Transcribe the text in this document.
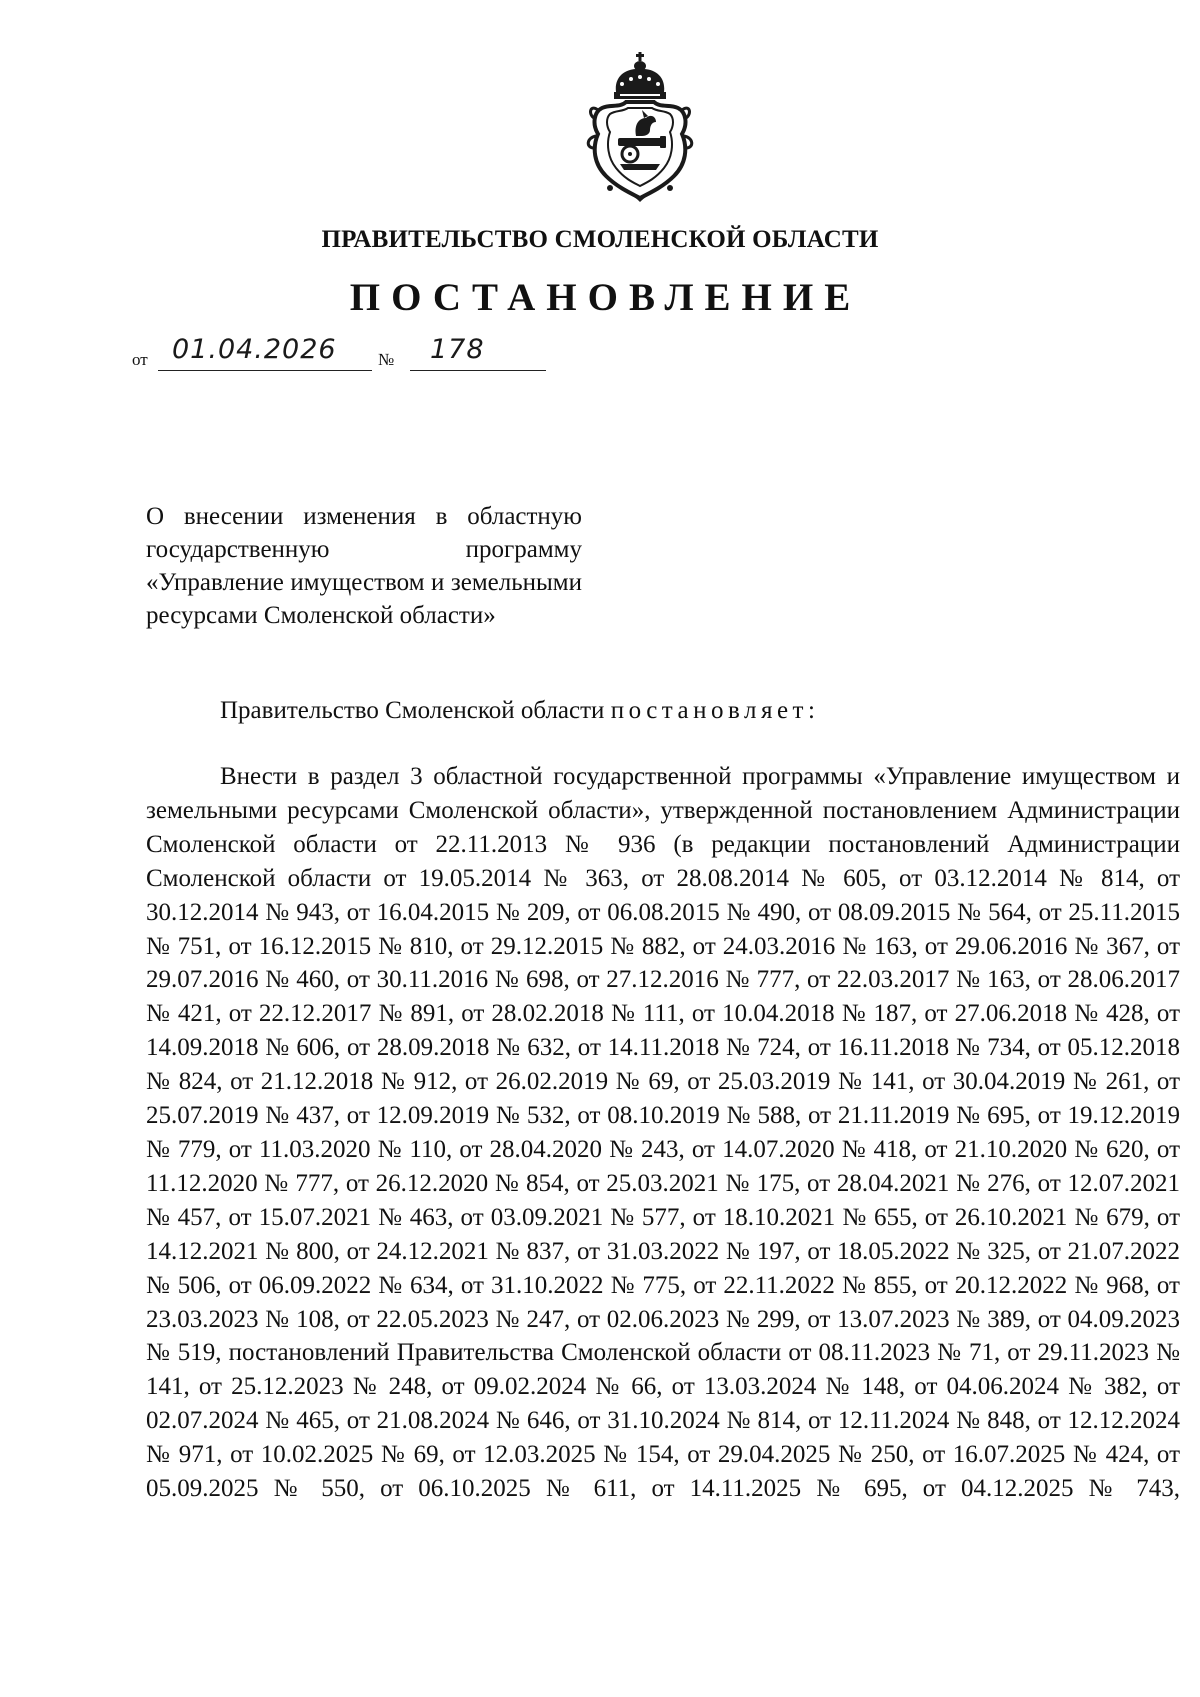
ПРАВИТЕЛЬСТВО СМОЛЕНСКОЙ ОБЛАСТИ
ПОСТАНОВЛЕНИЕ
от 01.04.2026 № 178
О внесении изменения в областную государственную программу «Управление имуществом и земельными
ресурсами Смоленской области»
Правительство Смоленской области постановляет:
Внести в раздел 3 областной государственной программы «Управление имуществом и земельными ресурсами Смоленской области», утвержденной постановлением Администрации Смоленской области от 22.11.2013 № 936 (в редакции постановлений Администрации Смоленской области от 19.05.2014 № 363, от 28.08.2014 № 605, от 03.12.2014 № 814, от 30.12.2014 № 943, от 16.04.2015 № 209, от 06.08.2015 № 490, от 08.09.2015 № 564, от 25.11.2015 № 751, от 16.12.2015 № 810, от 29.12.2015 № 882, от 24.03.2016 № 163, от 29.06.2016 № 367, от 29.07.2016 № 460, от 30.11.2016 № 698, от 27.12.2016 № 777, от 22.03.2017 № 163, от 28.06.2017 № 421, от 22.12.2017 № 891, от 28.02.2018 № 111, от 10.04.2018 № 187, от 27.06.2018 № 428, от 14.09.2018 № 606, от 28.09.2018 № 632, от 14.11.2018 № 724, от 16.11.2018 № 734, от 05.12.2018 № 824, от 21.12.2018 № 912, от 26.02.2019 № 69, от 25.03.2019 № 141, от 30.04.2019 № 261, от 25.07.2019 № 437, от 12.09.2019 № 532, от 08.10.2019 № 588, от 21.11.2019 № 695, от 19.12.2019 № 779, от 11.03.2020 № 110, от 28.04.2020 № 243, от 14.07.2020 № 418, от 21.10.2020 № 620, от 11.12.2020 № 777, от 26.12.2020 № 854, от 25.03.2021 № 175, от 28.04.2021 № 276, от 12.07.2021 № 457, от 15.07.2021 № 463, от 03.09.2021 № 577, от 18.10.2021 № 655, от 26.10.2021 № 679, от 14.12.2021 № 800, от 24.12.2021 № 837, от 31.03.2022 № 197, от 18.05.2022 № 325, от 21.07.2022 № 506, от 06.09.2022 № 634, от 31.10.2022 № 775, от 22.11.2022 № 855, от 20.12.2022 № 968, от 23.03.2023 № 108, от 22.05.2023 № 247, от 02.06.2023 № 299, от 13.07.2023 № 389, от 04.09.2023 № 519, постановлений Правительства Смоленской области от 08.11.2023 № 71, от 29.11.2023 № 141, от 25.12.2023 № 248, от 09.02.2024 № 66, от 13.03.2024 № 148, от 04.06.2024 № 382, от 02.07.2024 № 465, от 21.08.2024 № 646, от 31.10.2024 № 814, от 12.11.2024 № 848, от 12.12.2024 № 971, от 10.02.2025 № 69, от 12.03.2025 № 154, от 29.04.2025 № 250, от 16.07.2025 № 424, от 05.09.2025 № 550, от 06.10.2025 № 611, от 14.11.2025 № 695, от 04.12.2025 № 743,
